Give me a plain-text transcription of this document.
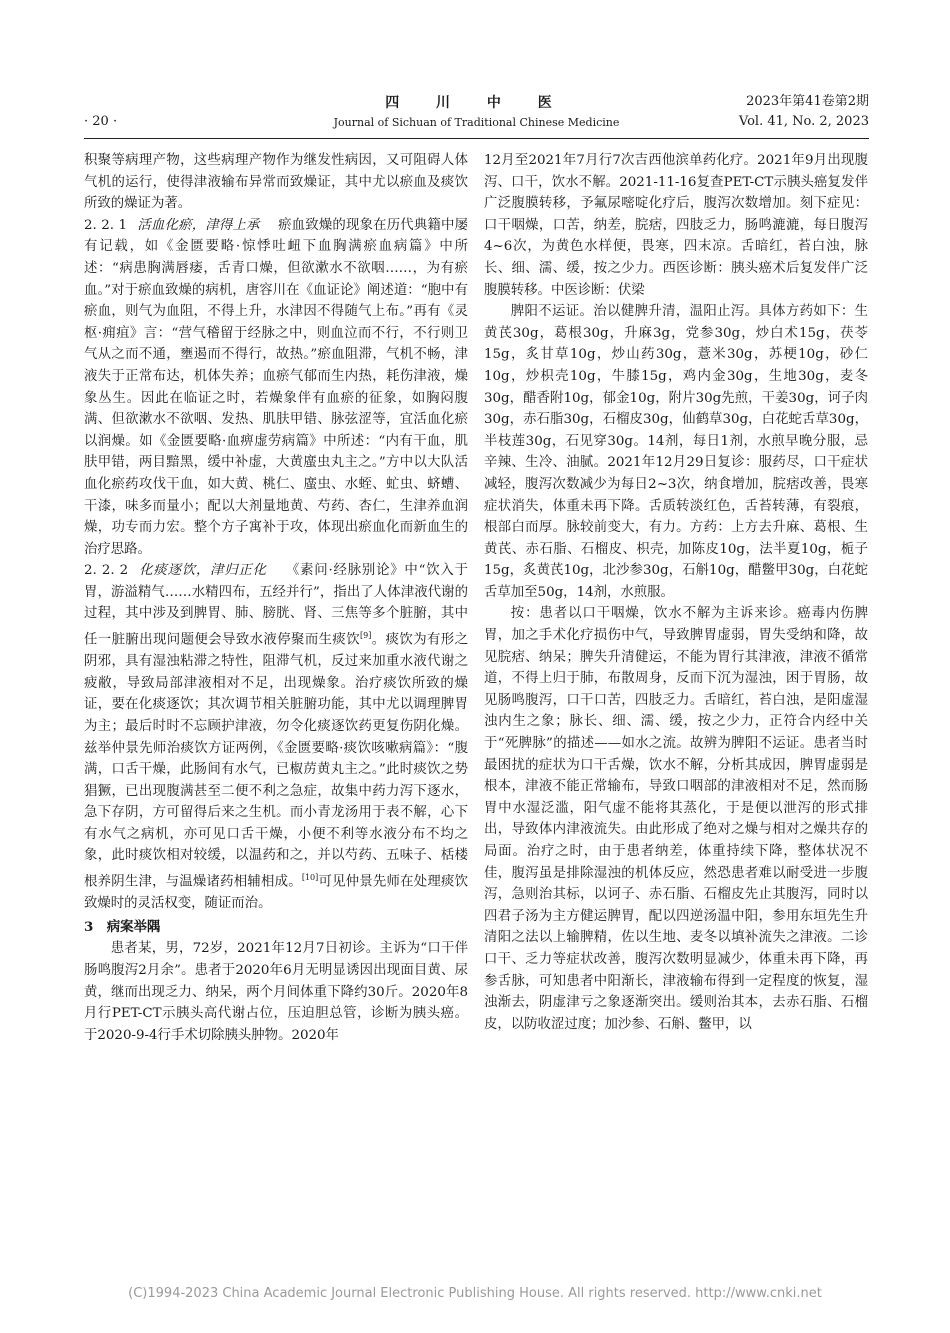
四 川 中 医
Journal of Sichuan of Traditional Chinese Medicine
· 20 ·
2023年第41卷第2期
Vol. 41, No. 2, 2023

积聚等病理产物，这些病理产物作为继发性病因，又可阻碍人体气机的运行，使得津液输布异常而致燥证，其中尤以瘀血及痰饮所致的燥证为著。

2. 2. 1 活血化瘀，津得上承 瘀血致燥的现象在历代典籍中屡有记载，如《金匮要略·惊悸吐衄下血胸满瘀血病篇》中所述：“病患胸满唇痿，舌青口燥，但欲漱水不欲咽……，为有瘀血。”对于瘀血致燥的病机，唐容川在《血证论》阐述道：“胞中有瘀血，则气为血阻，不得上升，水津因不得随气上布。”再有《灵枢·痈疽》言：“营气稽留于经脉之中，则血泣而不行，不行则卫气从之而不通，壅遏而不得行，故热。”瘀血阻滞，气机不畅，津液失于正常布达，机体失养；血瘀气郁而生内热，耗伤津液，燥象丛生。因此在临证之时，若燥象伴有血瘀的征象，如胸闷腹满、但欲漱水不欲咽、发热、肌肤甲错、脉弦涩等，宜活血化瘀以润燥。如《金匮要略·血痹虚劳病篇》中所述：“内有干血，肌肤甲错，两目黯黑，缓中补虚，大黄䗪虫丸主之。”方中以大队活血化瘀药攻伐干血，如大黄、桃仁、䗪虫、水蛭、虻虫、蛴螬、干漆，味多而量小；配以大剂量地黄、芍药、杏仁，生津养血润燥，功专而力宏。整个方子寓补于攻，体现出瘀血化而新血生的治疗思路。

2. 2. 2 化痰逐饮，津归正化 《素问·经脉别论》中“饮入于胃，游溢精气……水精四布，五经并行”，指出了人体津液代谢的过程，其中涉及到脾胃、肺、膀胱、肾、三焦等多个脏腑，其中任一脏腑出现问题便会导致水液停聚而生痰饮[9]。痰饮为有形之阴邪，具有湿浊粘滞之特性，阻滞气机，反过来加重水液代谢之疲敝，导致局部津液相对不足，出现燥象。治疗痰饮所致的燥证，要在化痰逐饮；其次调节相关脏腑功能，其中尤以调理脾胃为主；最后时时不忘顾护津液，勿令化痰逐饮药更复伤阴化燥。兹举仲景先师治痰饮方证两例，《金匮要略·痰饮咳嗽病篇》：“腹满，口舌干燥，此肠间有水气，已椒苈黄丸主之。”此时痰饮之势猖獗，已出现腹满甚至二便不利之急症，故集中药力泻下逐水，急下存阴，方可留得后来之生机。而小青龙汤用于表不解，心下有水气之病机，亦可见口舌干燥，小便不利等水液分布不均之象，此时痰饮相对较缓，以温药和之，并以芍药、五味子、栝楼根养阴生津，与温燥诸药相辅相成。[10]可见仲景先师在处理痰饮致燥时的灵活权变，随证而治。

3　病案举隅

患者某，男，72岁，2021年12月7日初诊。主诉为“口干伴肠鸣腹泻2月余”。患者于2020年6月无明显诱因出现面目黄、尿黄，继而出现乏力、纳呆，两个月间体重下降约30斤。2020年8月行PET-CT示胰头高代谢占位，压迫胆总管，诊断为胰头癌。于2020-9-4行手术切除胰头肿物。2020年

12月至2021年7月行7次吉西他滨单药化疗。2021年9月出现腹泻、口干，饮水不解。2021-11-16复查PET-CT示胰头癌复发伴广泛腹膜转移，予氟尿嘧啶化疗后，腹泻次数增加。刻下症见：口干咽燥，口苦，纳差，脘痞，四肢乏力，肠鸣漉漉，每日腹泻4~6次，为黄色水样便，畏寒，四末凉。舌暗红，苔白浊，脉长、细、濡、缓，按之少力。西医诊断：胰头癌术后复发伴广泛腹膜转移。中医诊断：伏梁

脾阳不运证。治以健脾升清，温阳止泻。具体方药如下：生黄芪30g，葛根30g，升麻3g，党参30g，炒白术15g，茯苓15g，炙甘草10g，炒山药30g，薏米30g，苏梗10g，砂仁10g，炒枳壳10g，牛膝15g，鸡内金30g，生地30g，麦冬30g，醋香附10g，郁金10g，附片30g先煎，干姜30g，诃子肉30g，赤石脂30g，石榴皮30g，仙鹤草30g，白花蛇舌草30g，半枝莲30g，石见穿30g。14剂，每日1剂，水煎早晚分服，忌辛辣、生冷、油腻。2021年12月29日复诊：服药尽，口干症状减轻，腹泻次数减少为每日2~3次，纳食增加，脘痞改善，畏寒症状消失，体重未再下降。舌质转淡红色，舌苔转薄，有裂痕，根部白而厚。脉较前变大，有力。方药：上方去升麻、葛根、生黄芪、赤石脂、石榴皮、枳壳，加陈皮10g，法半夏10g，栀子15g，炙黄芪10g，北沙参30g，石斛10g，醋鳖甲30g，白花蛇舌草加至50g，14剂，水煎服。

按：患者以口干咽燥，饮水不解为主诉来诊。癌毒内伤脾胃，加之手术化疗损伤中气，导致脾胃虚弱，胃失受纳和降，故见脘痞、纳呆；脾失升清健运，不能为胃行其津液，津液不循常道，不得上归于肺，布散周身，反而下沉为湿浊，困于胃肠，故见肠鸣腹泻，口干口苦，四肢乏力。舌暗红，苔白浊，是阳虚湿浊内生之象；脉长、细、濡、缓，按之少力，正符合内经中关于“死脾脉”的描述——如水之流。故辨为脾阳不运证。患者当时最困扰的症状为口干舌燥，饮水不解，分析其成因，脾胃虚弱是根本，津液不能正常输布，导致口咽部的津液相对不足，然而肠胃中水湿泛滥，阳气虚不能将其蒸化，于是便以泄泻的形式排出，导致体内津液流失。由此形成了绝对之燥与相对之燥共存的局面。治疗之时，由于患者纳差，体重持续下降，整体状况不佳，腹泻虽是排除湿浊的机体反应，然恐患者难以耐受进一步腹泻，急则治其标，以诃子、赤石脂、石榴皮先止其腹泻，同时以四君子汤为主方健运脾胃，配以四逆汤温中阳，参用东垣先生升清阳之法以上输脾精，佐以生地、麦冬以填补流失之津液。二诊口干、乏力等症状改善，腹泻次数明显减少，体重未再下降，再参舌脉，可知患者中阳渐长，津液输布得到一定程度的恢复，湿浊渐去，阴虚津亏之象逐渐突出。缓则治其本，去赤石脂、石榴皮，以防收涩过度；加沙参、石斛、鳖甲，以

(C)1994-2023 China Academic Journal Electronic Publishing House. All rights reserved. http://www.cnki.net
